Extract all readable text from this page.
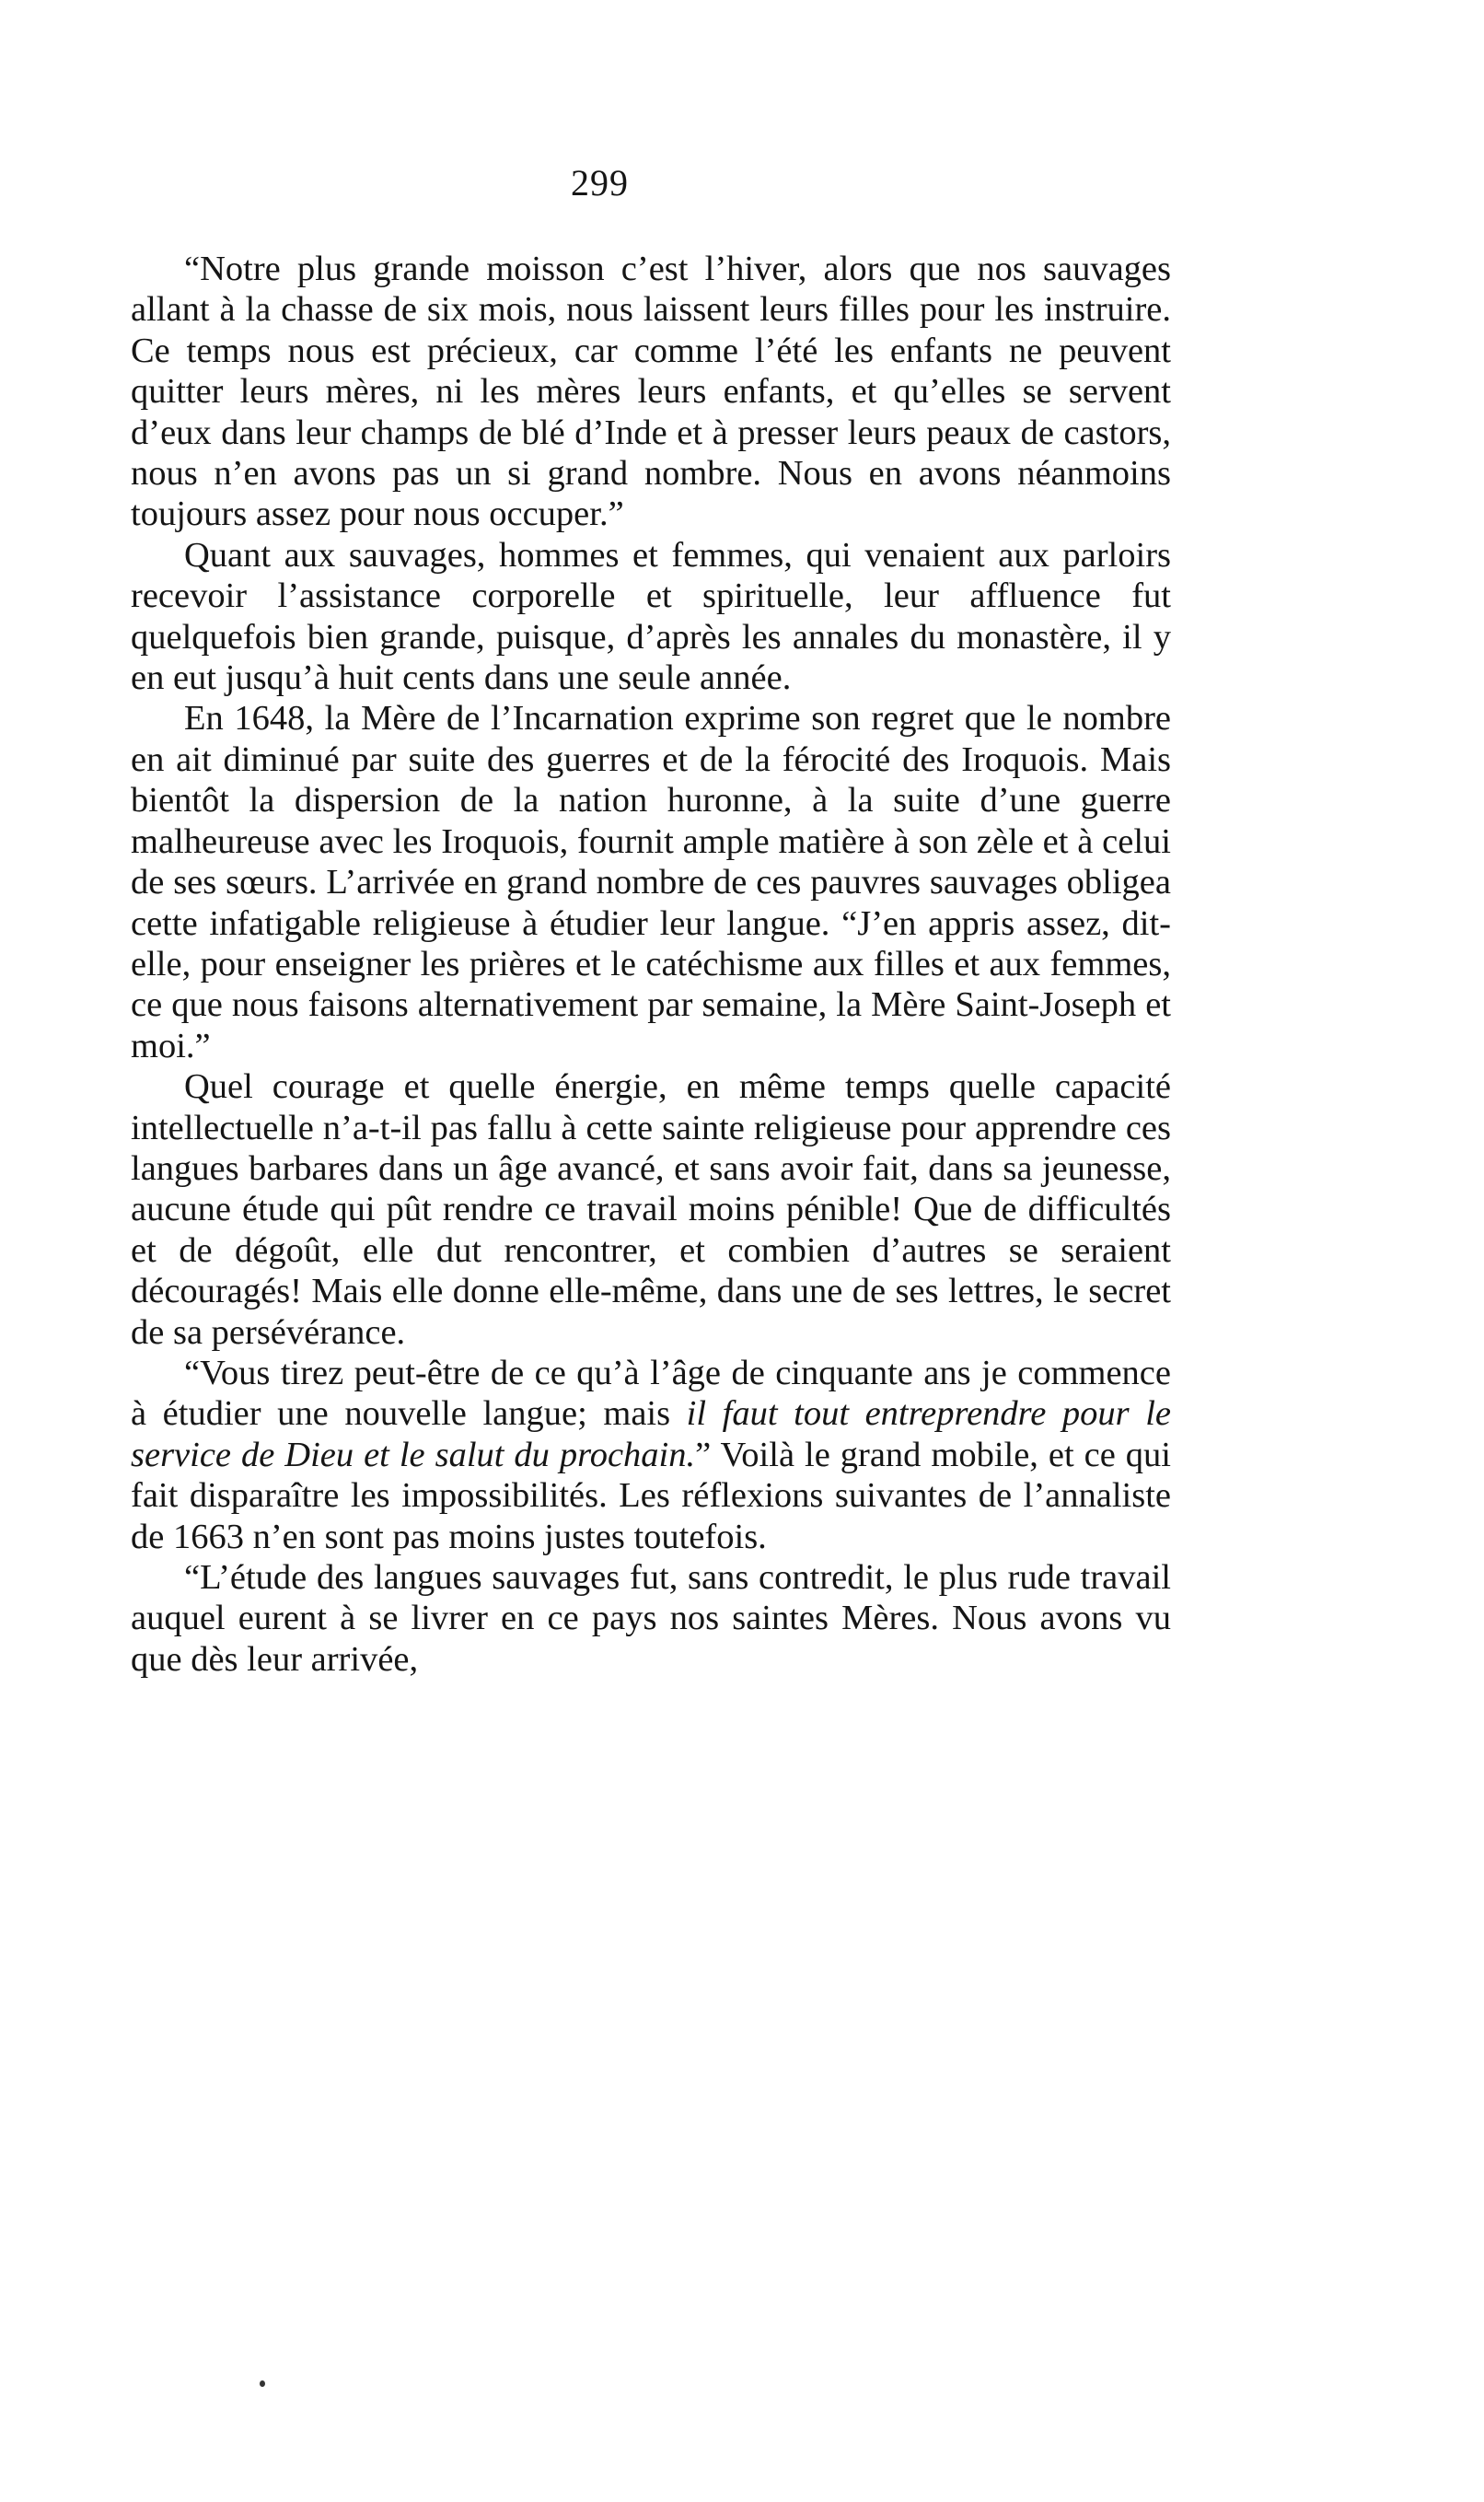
299

“Notre plus grande moisson c’est l’hiver, alors que nos sauvages allant à la chasse de six mois, nous laissent leurs filles pour les instruire. Ce temps nous est précieux, car comme l’été les enfants ne peuvent quitter leurs mères, ni les mères leurs enfants, et qu’elles se servent d’eux dans leur champs de blé d’Inde et à presser leurs peaux de castors, nous n’en avons pas un si grand nombre. Nous en avons néanmoins toujours assez pour nous occuper.”

Quant aux sauvages, hommes et femmes, qui venaient aux parloirs recevoir l’assistance corporelle et spirituelle, leur affluence fut quelquefois bien grande, puisque, d’après les annales du monastère, il y en eut jusqu’à huit cents dans une seule année.

En 1648, la Mère de l’Incarnation exprime son regret que le nombre en ait diminué par suite des guerres et de la férocité des Iroquois. Mais bientôt la dispersion de la nation huronne, à la suite d’une guerre malheureuse avec les Iroquois, fournit ample matière à son zèle et à celui de ses sœurs. L’arrivée en grand nombre de ces pauvres sauvages obligea cette infatigable religieuse à étudier leur langue. “J’en appris assez, dit-elle, pour enseigner les prières et le catéchisme aux filles et aux femmes, ce que nous faisons alternativement par semaine, la Mère Saint-Joseph et moi.”

Quel courage et quelle énergie, en même temps quelle capacité intellectuelle n’a-t-il pas fallu à cette sainte religieuse pour apprendre ces langues barbares dans un âge avancé, et sans avoir fait, dans sa jeunesse, aucune étude qui pût rendre ce travail moins pénible! Que de difficultés et de dégoût, elle dut rencontrer, et combien d’autres se seraient découragés! Mais elle donne elle-même, dans une de ses lettres, le secret de sa persévérance.

“Vous tirez peut-être de ce qu’à l’âge de cinquante ans je commence à étudier une nouvelle langue; mais il faut tout entreprendre pour le service de Dieu et le salut du prochain.” Voilà le grand mobile, et ce qui fait disparaître les impossibilités. Les réflexions suivantes de l’annaliste de 1663 n’en sont pas moins justes toutefois.

“L’étude des langues sauvages fut, sans contredit, le plus rude travail auquel eurent à se livrer en ce pays nos saintes Mères. Nous avons vu que dès leur arrivée,
